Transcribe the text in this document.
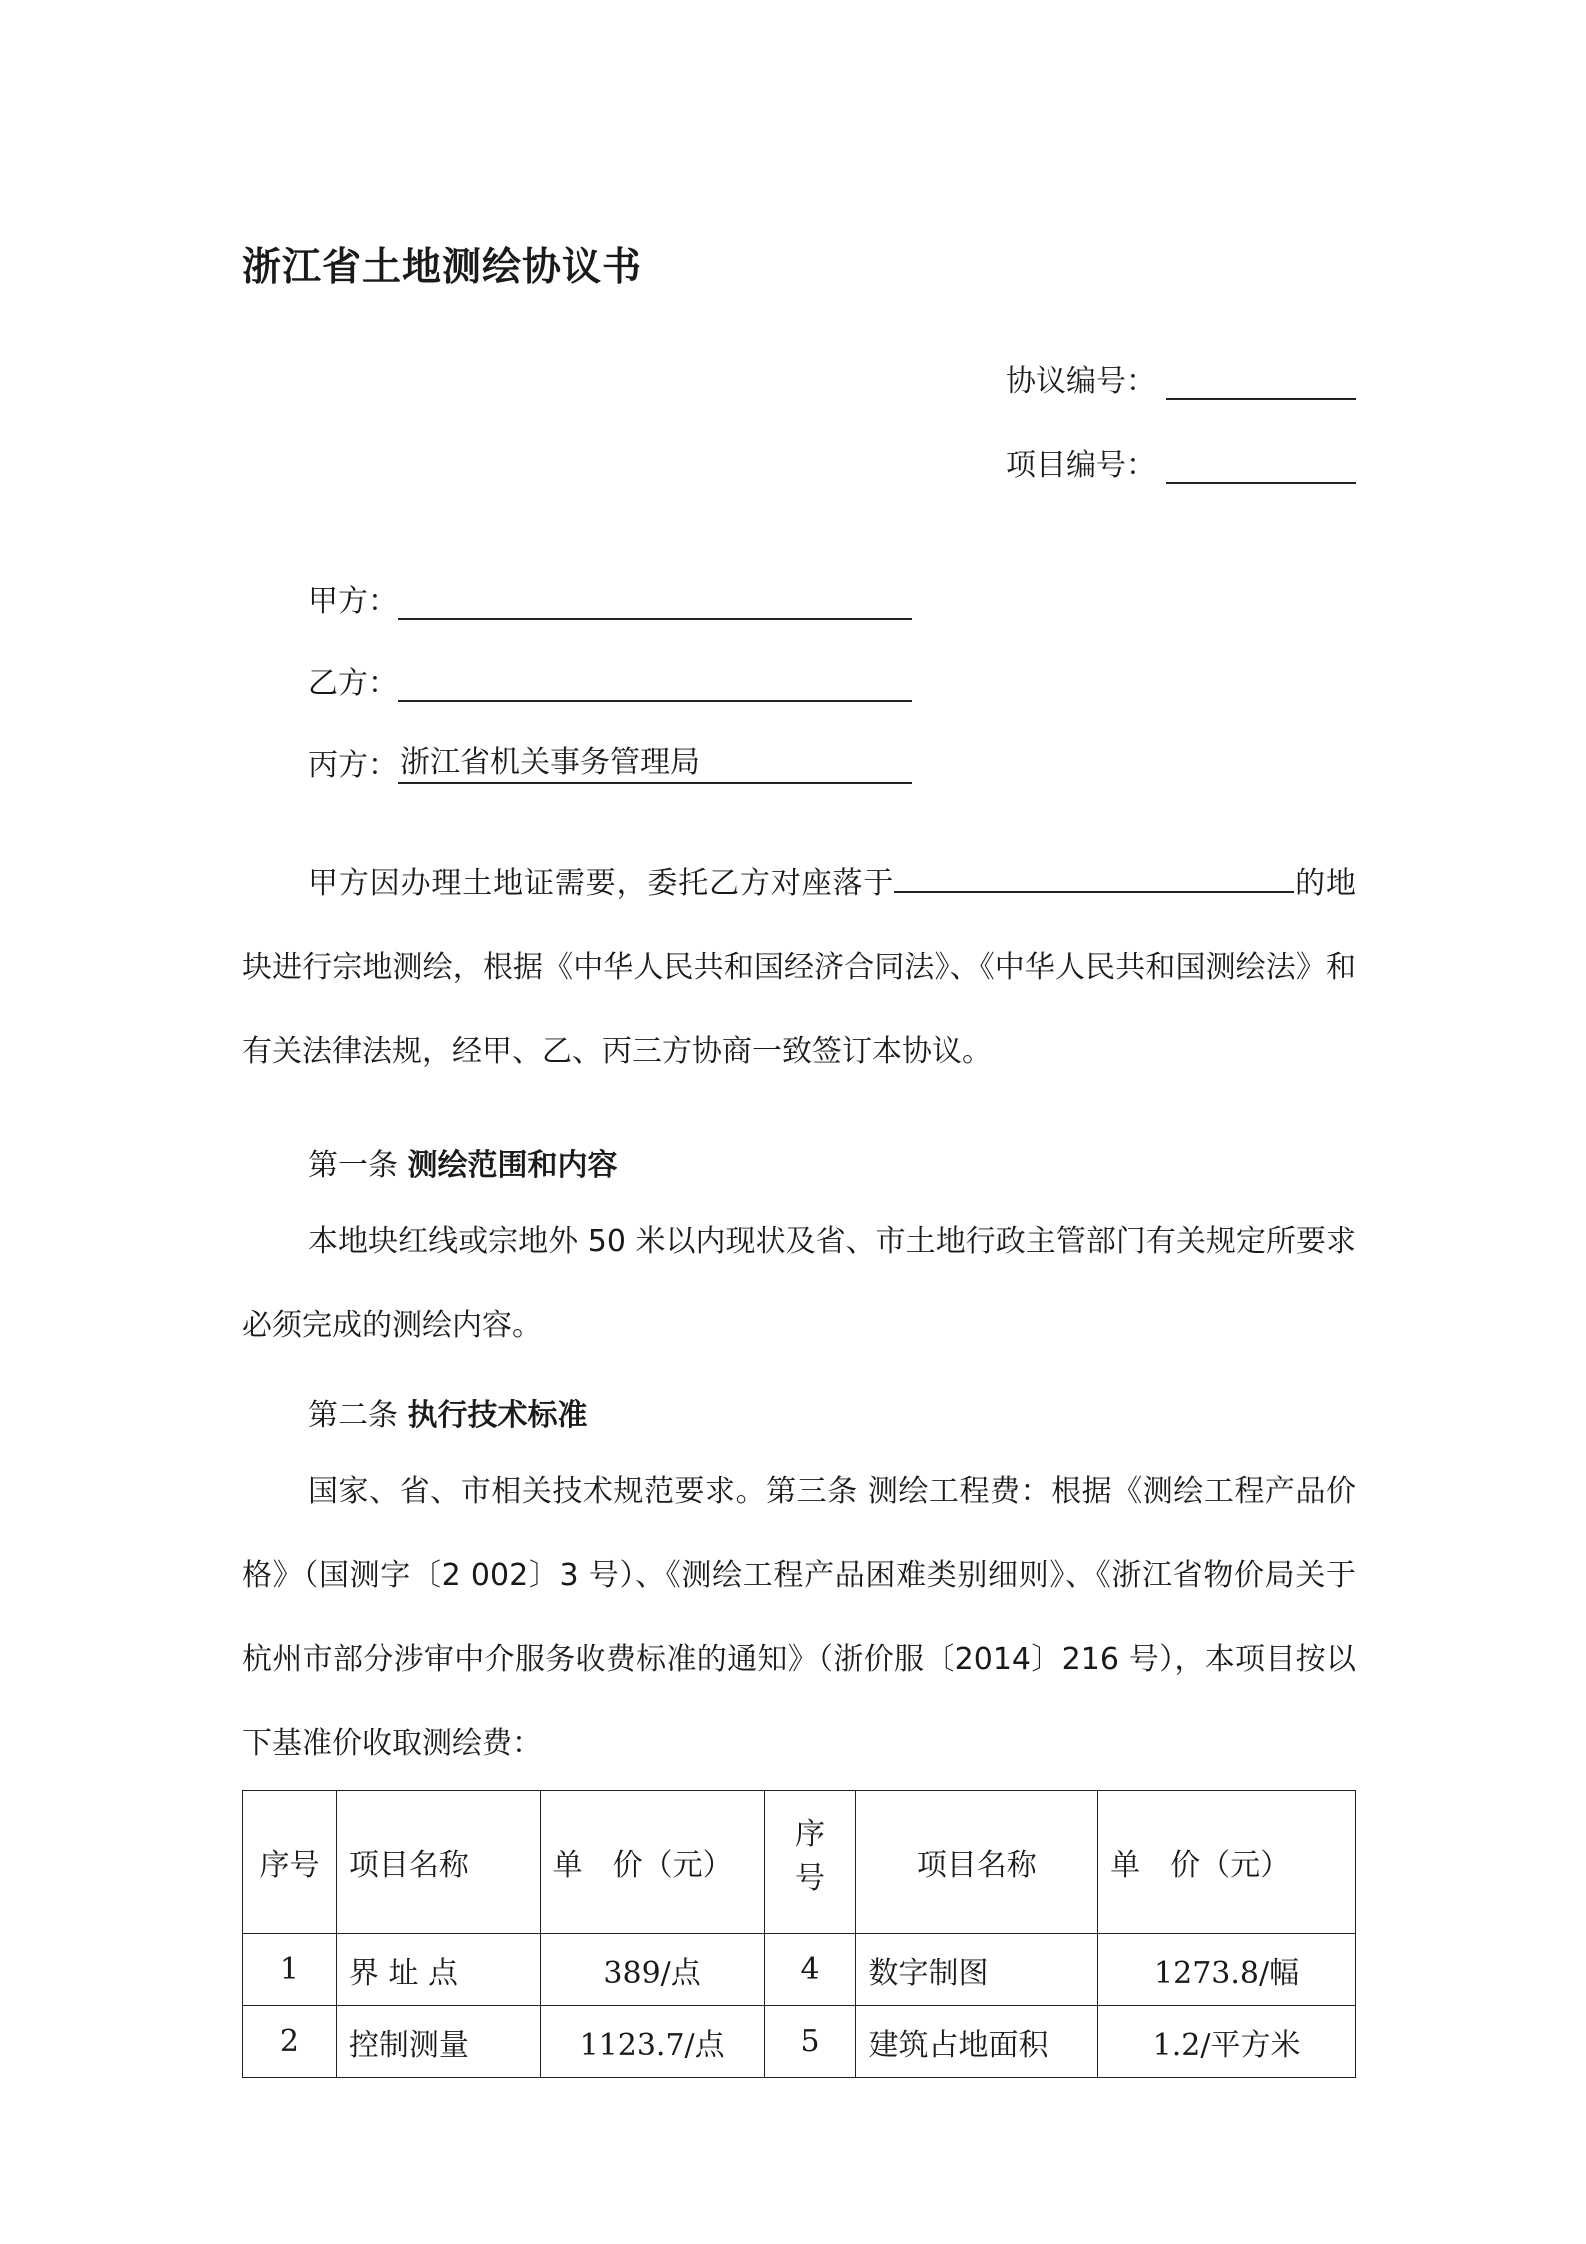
浙江省土地测绘协议书
协议编号：
项目编号：
甲方：
乙方：
丙方： 浙江省机关事务管理局

甲方因办理土地证需要，委托乙方对座落于	的地块进行宗地测绘，根据《中华人民共和国经济合同法》、《中华人民共和国测绘法》和有关法律法规，经甲、乙、丙三方协商一致签订本协议。

第一条 测绘范围和内容

本地块红线或宗地外 50 米以内现状及省、市土地行政主管部门有关规定所要求必须完成的测绘内容。

第二条 执行技术标准

国家、省、市相关技术规范要求。第三条 测绘工程费：根据《测绘工程产品价格》（国测字〔2 002〕3 号）、《测绘工程产品困难类别细则》、《浙江省物价局关于杭州市部分涉审中介服务收费标准的通知》（浙价服〔2014〕216 号），本项目按以下基准价收取测绘费：

序号	项目名称	单　价（元）	序 号	项目名称	单　价（元）
1	界 址 点	389/点	4	数字制图	1273.8/幅
2	控制测量	1123.7/点	5	建筑占地面积	1.2/平方米
